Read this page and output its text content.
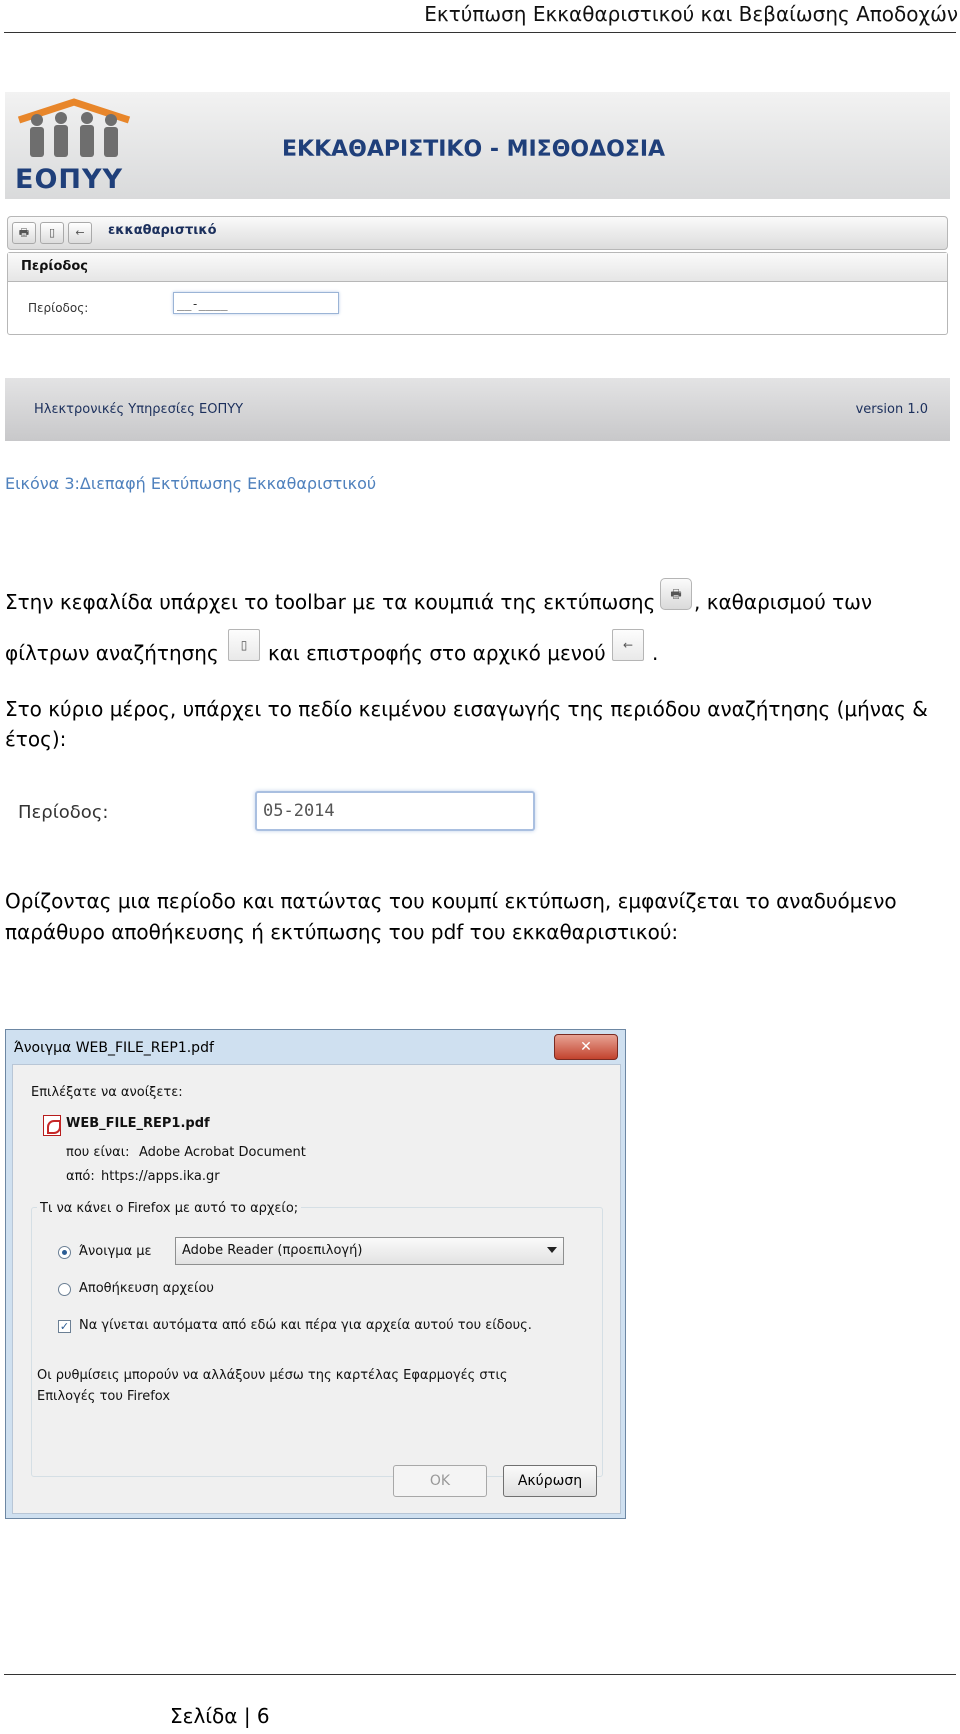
Εκτύπωση Εκκαθαριστικού και Βεβαίωσης Αποδοχών
ΕΟΠΥΥ
ΕΚΚΑΘΑΡΙΣΤΙΚΟ - ΜΙΣΘΟΔΟΣΙΑ
🖶	▯	←	εκκαθαριστικό
Περίοδος
Περίοδος:	__-____
Ηλεκτρονικές Υπηρεσίες ΕΟΠΥΥ	version 1.0
Εικόνα 3:Διεπαφή Εκτύπωσης Εκκαθαριστικού
Στην κεφαλίδα υπάρχει το toolbar με τα κουμπιά της εκτύπωσης	🖶 , καθαρισμού των
φίλτρων αναζήτησης	▯	και επιστροφής στο αρχικό μενού	← .
Στο κύριο μέρος, υπάρχει το πεδίο κειμένου εισαγωγής της περιόδου αναζήτησης (μήνας &
έτος):
Περίοδος:	05-2014
Ορίζοντας μια περίοδο και πατώντας του κουμπί εκτύπωση, εμφανίζεται το αναδυόμενο
παράθυρο αποθήκευσης ή εκτύπωσης του pdf του εκκαθαριστικού:
Άνοιγμα WEB_FILE_REP1.pdf	✕
Επιλέξατε να ανοίξετε:
WEB_FILE_REP1.pdf
που είναι: Adobe Acrobat Document
από: https://apps.ika.gr
Τι να κάνει ο Firefox με αυτό το αρχείο;
Άνοιγμα με	Adobe Reader (προεπιλογή)
Αποθήκευση αρχείου
✓ Να γίνεται αυτόματα από εδώ και πέρα για αρχεία αυτού του είδους.
Οι ρυθμίσεις μπορούν να αλλάξουν μέσω της καρτέλας Εφαρμογές στις
Επιλογές του Firefox
OK	Ακύρωση
Σελίδα | 6
